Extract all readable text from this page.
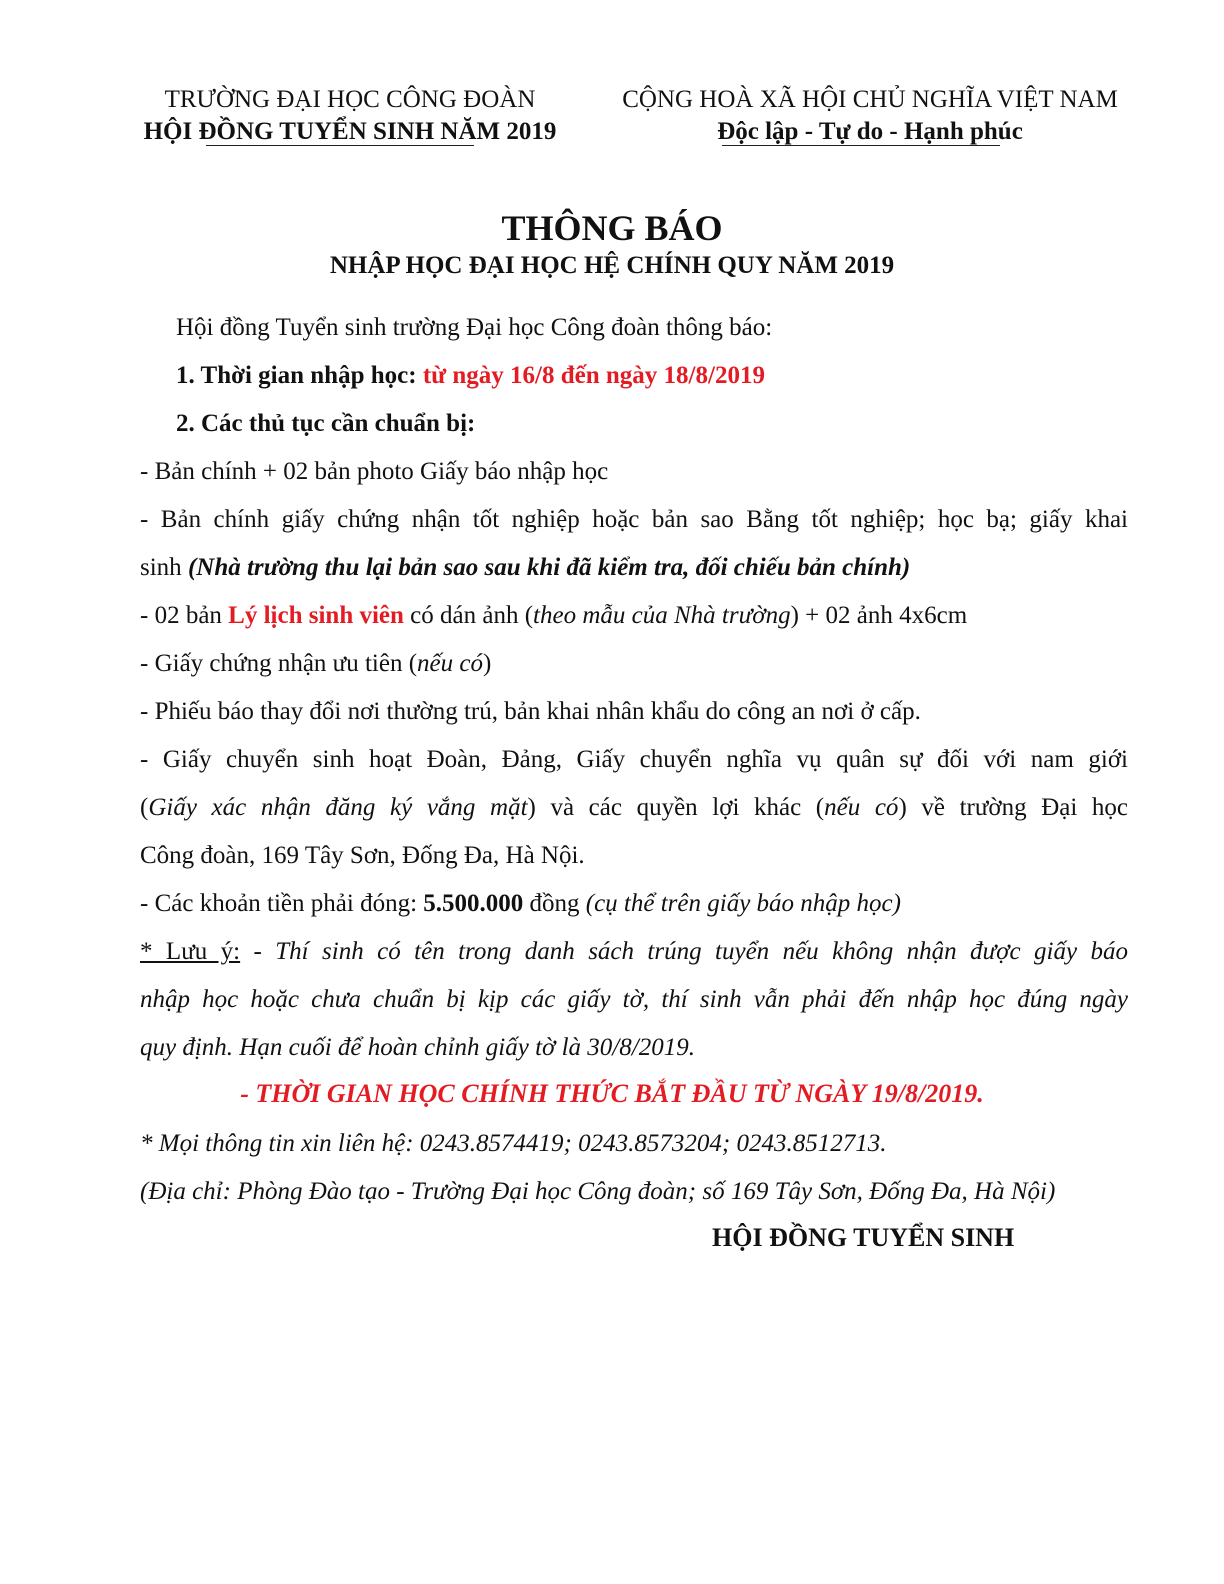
TRƯỜNG ĐẠI HỌC CÔNG ĐOÀN
HỘI ĐỒNG TUYỂN SINH NĂM 2019
CỘNG HOÀ XÃ HỘI CHỦ NGHĨA VIỆT NAM
Độc lập - Tự do - Hạnh phúc
THÔNG BÁO
NHẬP HỌC ĐẠI HỌC HỆ CHÍNH QUY NĂM 2019
Hội đồng Tuyển sinh trường Đại học Công đoàn thông báo:
1. Thời gian nhập học: từ ngày 16/8 đến ngày 18/8/2019
2. Các thủ tục cần chuẩn bị:
- Bản chính + 02 bản photo Giấy báo nhập học
- Bản chính giấy chứng nhận tốt nghiệp hoặc bản sao Bằng tốt nghiệp; học bạ; giấy khai
sinh (Nhà trường thu lại bản sao sau khi đã kiểm tra, đối chiếu bản chính)
- 02 bản Lý lịch sinh viên có dán ảnh (theo mẫu của Nhà trường) + 02 ảnh 4x6cm
- Giấy chứng nhận ưu tiên (nếu có)
- Phiếu báo thay đổi nơi thường trú, bản khai nhân khẩu do công an nơi ở cấp.
- Giấy chuyển sinh hoạt Đoàn, Đảng, Giấy chuyển nghĩa vụ quân sự đối với nam giới
(Giấy xác nhận đăng ký vắng mặt) và các quyền lợi khác (nếu có) về trường Đại học
Công đoàn, 169 Tây Sơn, Đống Đa, Hà Nội.
- Các khoản tiền phải đóng: 5.500.000 đồng (cụ thể trên giấy báo nhập học)
* Lưu ý: - Thí sinh có tên trong danh sách trúng tuyển nếu không nhận được giấy báo
nhập học hoặc chưa chuẩn bị kịp các giấy tờ, thí sinh vẫn phải đến nhập học đúng ngày
quy định. Hạn cuối để hoàn chỉnh giấy tờ là 30/8/2019.
* Mọi thông tin xin liên hệ: 0243.8574419; 0243.8573204; 0243.8512713.
(Địa chỉ: Phòng Đào tạo - Trường Đại học Công đoàn; số 169 Tây Sơn, Đống Đa, Hà Nội)
- THỜI GIAN HỌC CHÍNH THỨC BẮT ĐẦU TỪ NGÀY 19/8/2019.
HỘI ĐỒNG TUYỂN SINH
